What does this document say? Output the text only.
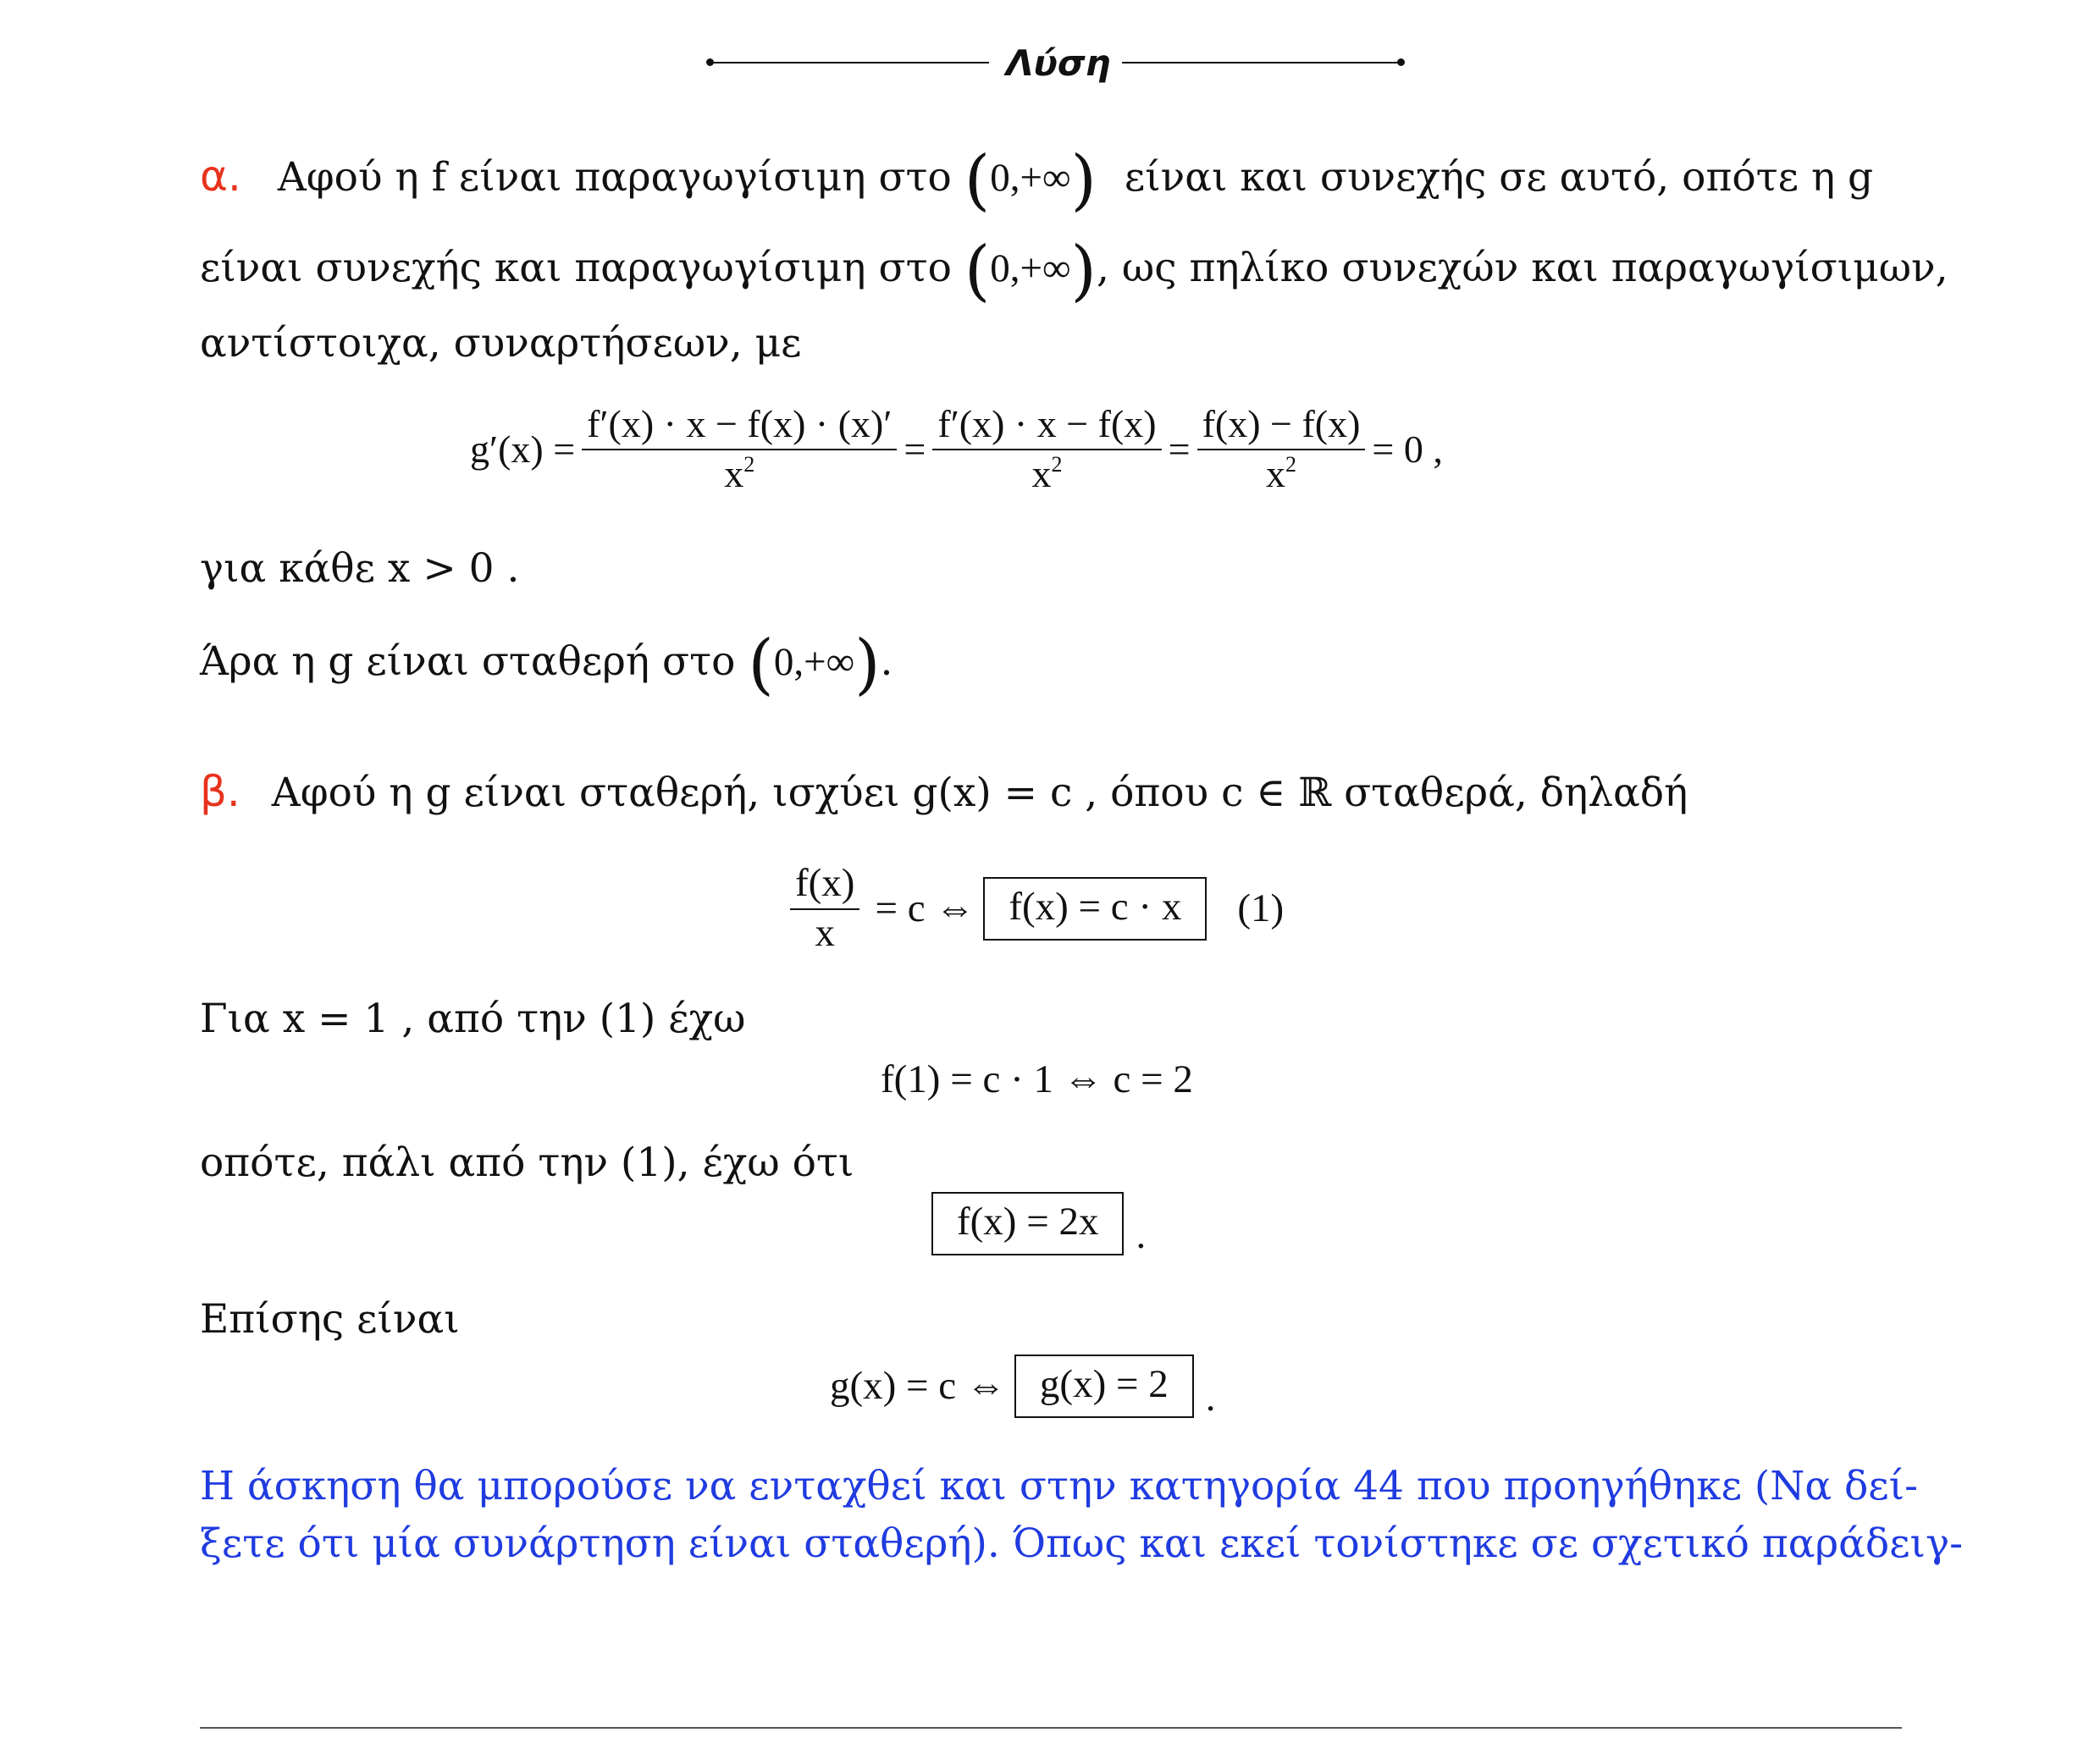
Λύση
α. Αφού η f είναι παραγωγίσιμη στο (0,+∞) είναι και συνεχής σε αυτό, οπότε η g
είναι συνεχής και παραγωγίσιμη στο (0,+∞), ως πηλίκο συνεχών και παραγωγίσιμων,
αντίστοιχα, συναρτήσεων, με
$g'(x) = \frac{f'(x) \cdot x - f(x) \cdot (x)'}{x^2} = \frac{f'(x) \cdot x - f(x)}{x^2} = \frac{f(x) - f(x)}{x^2} = 0$ ,
για κάθε x > 0 .
Άρα η g είναι σταθερή στο (0,+∞).
β. Αφού η g είναι σταθερή, ισχύει g(x) = c , όπου c ∈ ℝ σταθερά, δηλαδή
$\frac{f(x)}{x} = c$ ⇔ f(x) = c · x	(1)
Για x = 1 , από την (1) έχω
f(1) = c · 1 ⇔ c = 2
οπότε, πάλι από την (1), έχω ότι
f(x) = 2x .
Επίσης είναι
g(x) = c ⇔ g(x) = 2 .
Η άσκηση θα μπορούσε να ενταχθεί και στην κατηγορία 44 που προηγήθηκε (Να δεί-
ξετε ότι μία συνάρτηση είναι σταθερή). Όπως και εκεί τονίστηκε σε σχετικό παράδειγ-
